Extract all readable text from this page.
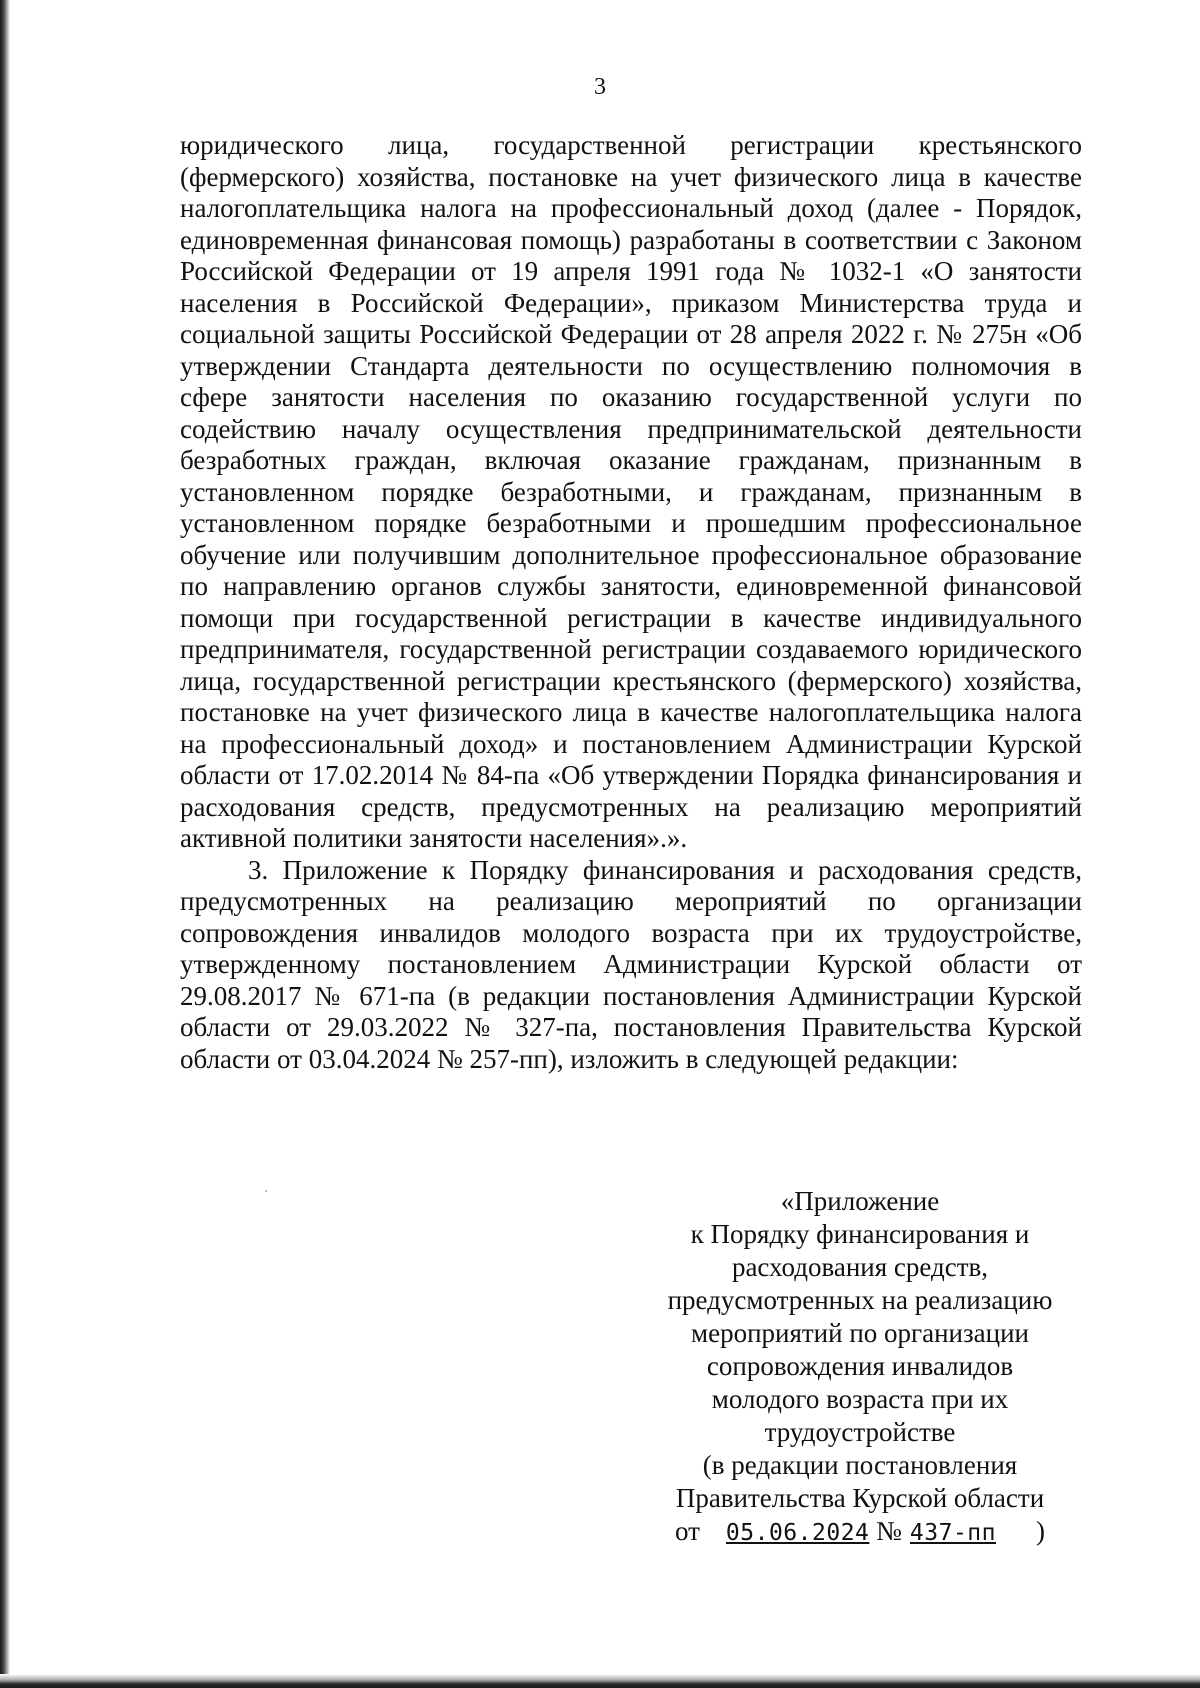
3

юридического лица, государственной регистрации крестьянского (фермерского) хозяйства, постановке на учет физического лица в качестве налогоплательщика налога на профессиональный доход (далее - Порядок, единовременная финансовая помощь) разработаны в соответствии с Законом Российской Федерации от 19 апреля 1991 года № 1032-1 «О занятости населения в Российской Федерации», приказом Министерства труда и социальной защиты Российской Федерации от 28 апреля 2022 г. № 275н «Об утверждении Стандарта деятельности по осуществлению полномочия в сфере занятости населения по оказанию государственной услуги по содействию началу осуществления предпринимательской деятельности безработных граждан, включая оказание гражданам, признанным в установленном порядке безработными, и гражданам, признанным в установленном порядке безработными и прошедшим профессиональное обучение или получившим дополнительное профессиональное образование по направлению органов службы занятости, единовременной финансовой помощи при государственной регистрации в качестве индивидуального предпринимателя, государственной регистрации создаваемого юридического лица, государственной регистрации крестьянского (фермерского) хозяйства, постановке на учет физического лица в качестве налогоплательщика налога на профессиональный доход» и постановлением Администрации Курской области от 17.02.2014 № 84-па «Об утверждении Порядка финансирования и расходования средств, предусмотренных на реализацию мероприятий активной политики занятости населения».».

3. Приложение к Порядку финансирования и расходования средств, предусмотренных на реализацию мероприятий по организации сопровождения инвалидов молодого возраста при их трудоустройстве, утвержденному постановлением Администрации Курской области от 29.08.2017 № 671-па (в редакции постановления Администрации Курской области от 29.03.2022 № 327-па, постановления Правительства Курской области от 03.04.2024 № 257-пп), изложить в следующей редакции:

«Приложение
к Порядку финансирования и
расходования средств,
предусмотренных на реализацию
мероприятий по организации
сопровождения инвалидов
молодого возраста при их
трудоустройстве
(в редакции постановления
Правительства Курской области
от 05.06.2024 № 437-пп )
